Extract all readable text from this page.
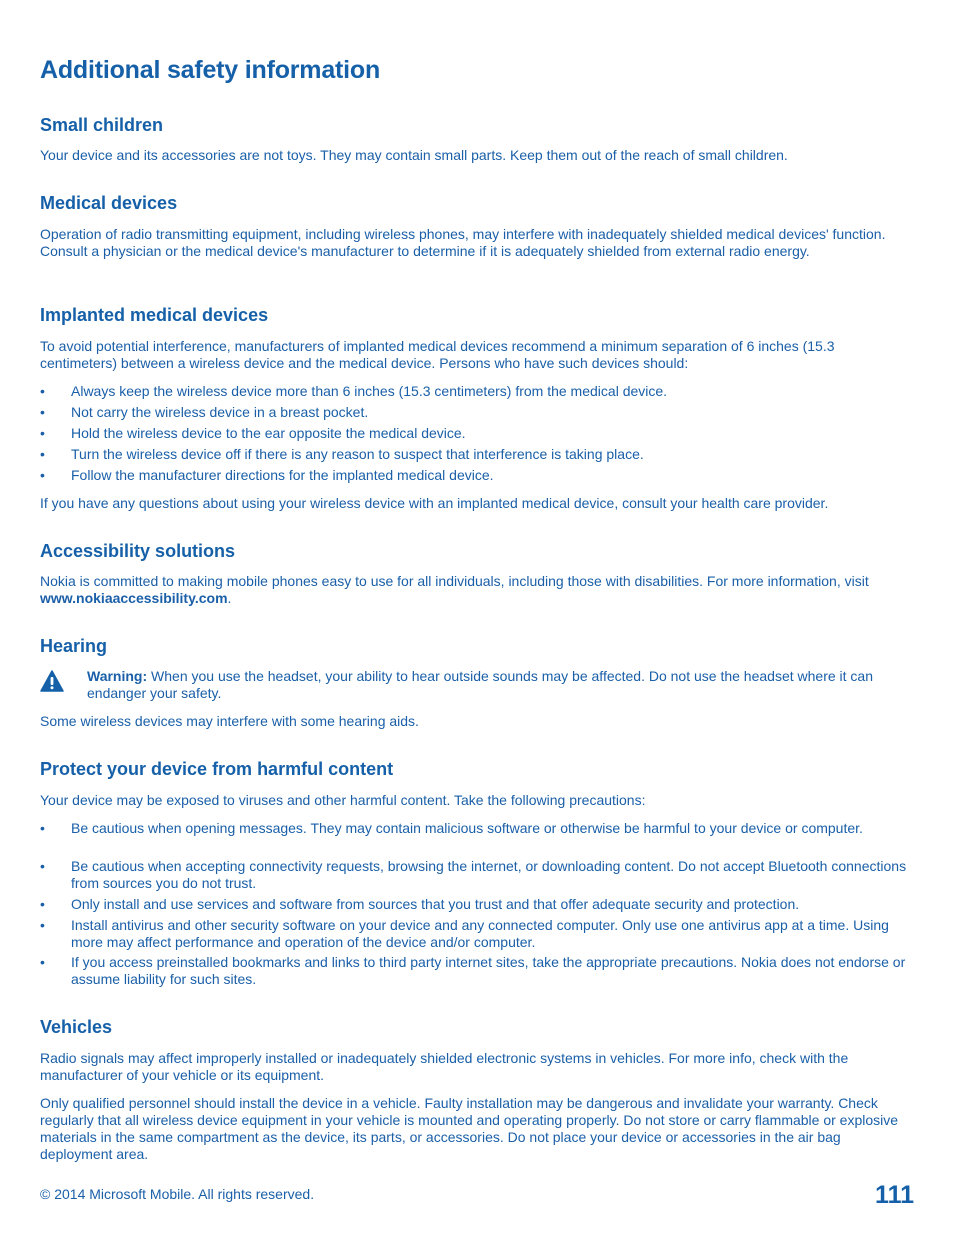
Additional safety information
Small children

Your device and its accessories are not toys. They may contain small parts. Keep them out of the reach of small children.

Medical devices

Operation of radio transmitting equipment, including wireless phones, may interfere with inadequately shielded medical devices' function. Consult a physician or the medical device's manufacturer to determine if it is adequately shielded from external radio energy.

Implanted medical devices

To avoid potential interference, manufacturers of implanted medical devices recommend a minimum separation of 6 inches (15.3 centimeters) between a wireless device and the medical device. Persons who have such devices should:

• Always keep the wireless device more than 6 inches (15.3 centimeters) from the medical device.
• Not carry the wireless device in a breast pocket.
• Hold the wireless device to the ear opposite the medical device.
• Turn the wireless device off if there is any reason to suspect that interference is taking place.
• Follow the manufacturer directions for the implanted medical device.

If you have any questions about using your wireless device with an implanted medical device, consult your health care provider.

Accessibility solutions

Nokia is committed to making mobile phones easy to use for all individuals, including those with disabilities. For more information, visit www.nokiaaccessibility.com.

Hearing
Warning: When you use the headset, your ability to hear outside sounds may be affected. Do not use the headset where it can endanger your safety.

Some wireless devices may interfere with some hearing aids.

Protect your device from harmful content

Your device may be exposed to viruses and other harmful content. Take the following precautions:

• Be cautious when opening messages. They may contain malicious software or otherwise be harmful to your device or computer.
• Be cautious when accepting connectivity requests, browsing the internet, or downloading content. Do not accept Bluetooth connections from sources you do not trust.
• Only install and use services and software from sources that you trust and that offer adequate security and protection.
• Install antivirus and other security software on your device and any connected computer. Only use one antivirus app at a time. Using more may affect performance and operation of the device and/or computer.
• If you access preinstalled bookmarks and links to third party internet sites, take the appropriate precautions. Nokia does not endorse or assume liability for such sites.
Vehicles

Radio signals may affect improperly installed or inadequately shielded electronic systems in vehicles. For more info, check with the manufacturer of your vehicle or its equipment.

Only qualified personnel should install the device in a vehicle. Faulty installation may be dangerous and invalidate your warranty. Check regularly that all wireless device equipment in your vehicle is mounted and operating properly. Do not store or carry flammable or explosive materials in the same compartment as the device, its parts, or accessories. Do not place your device or accessories in the air bag deployment area.

© 2014 Microsoft Mobile. All rights reserved.	111
